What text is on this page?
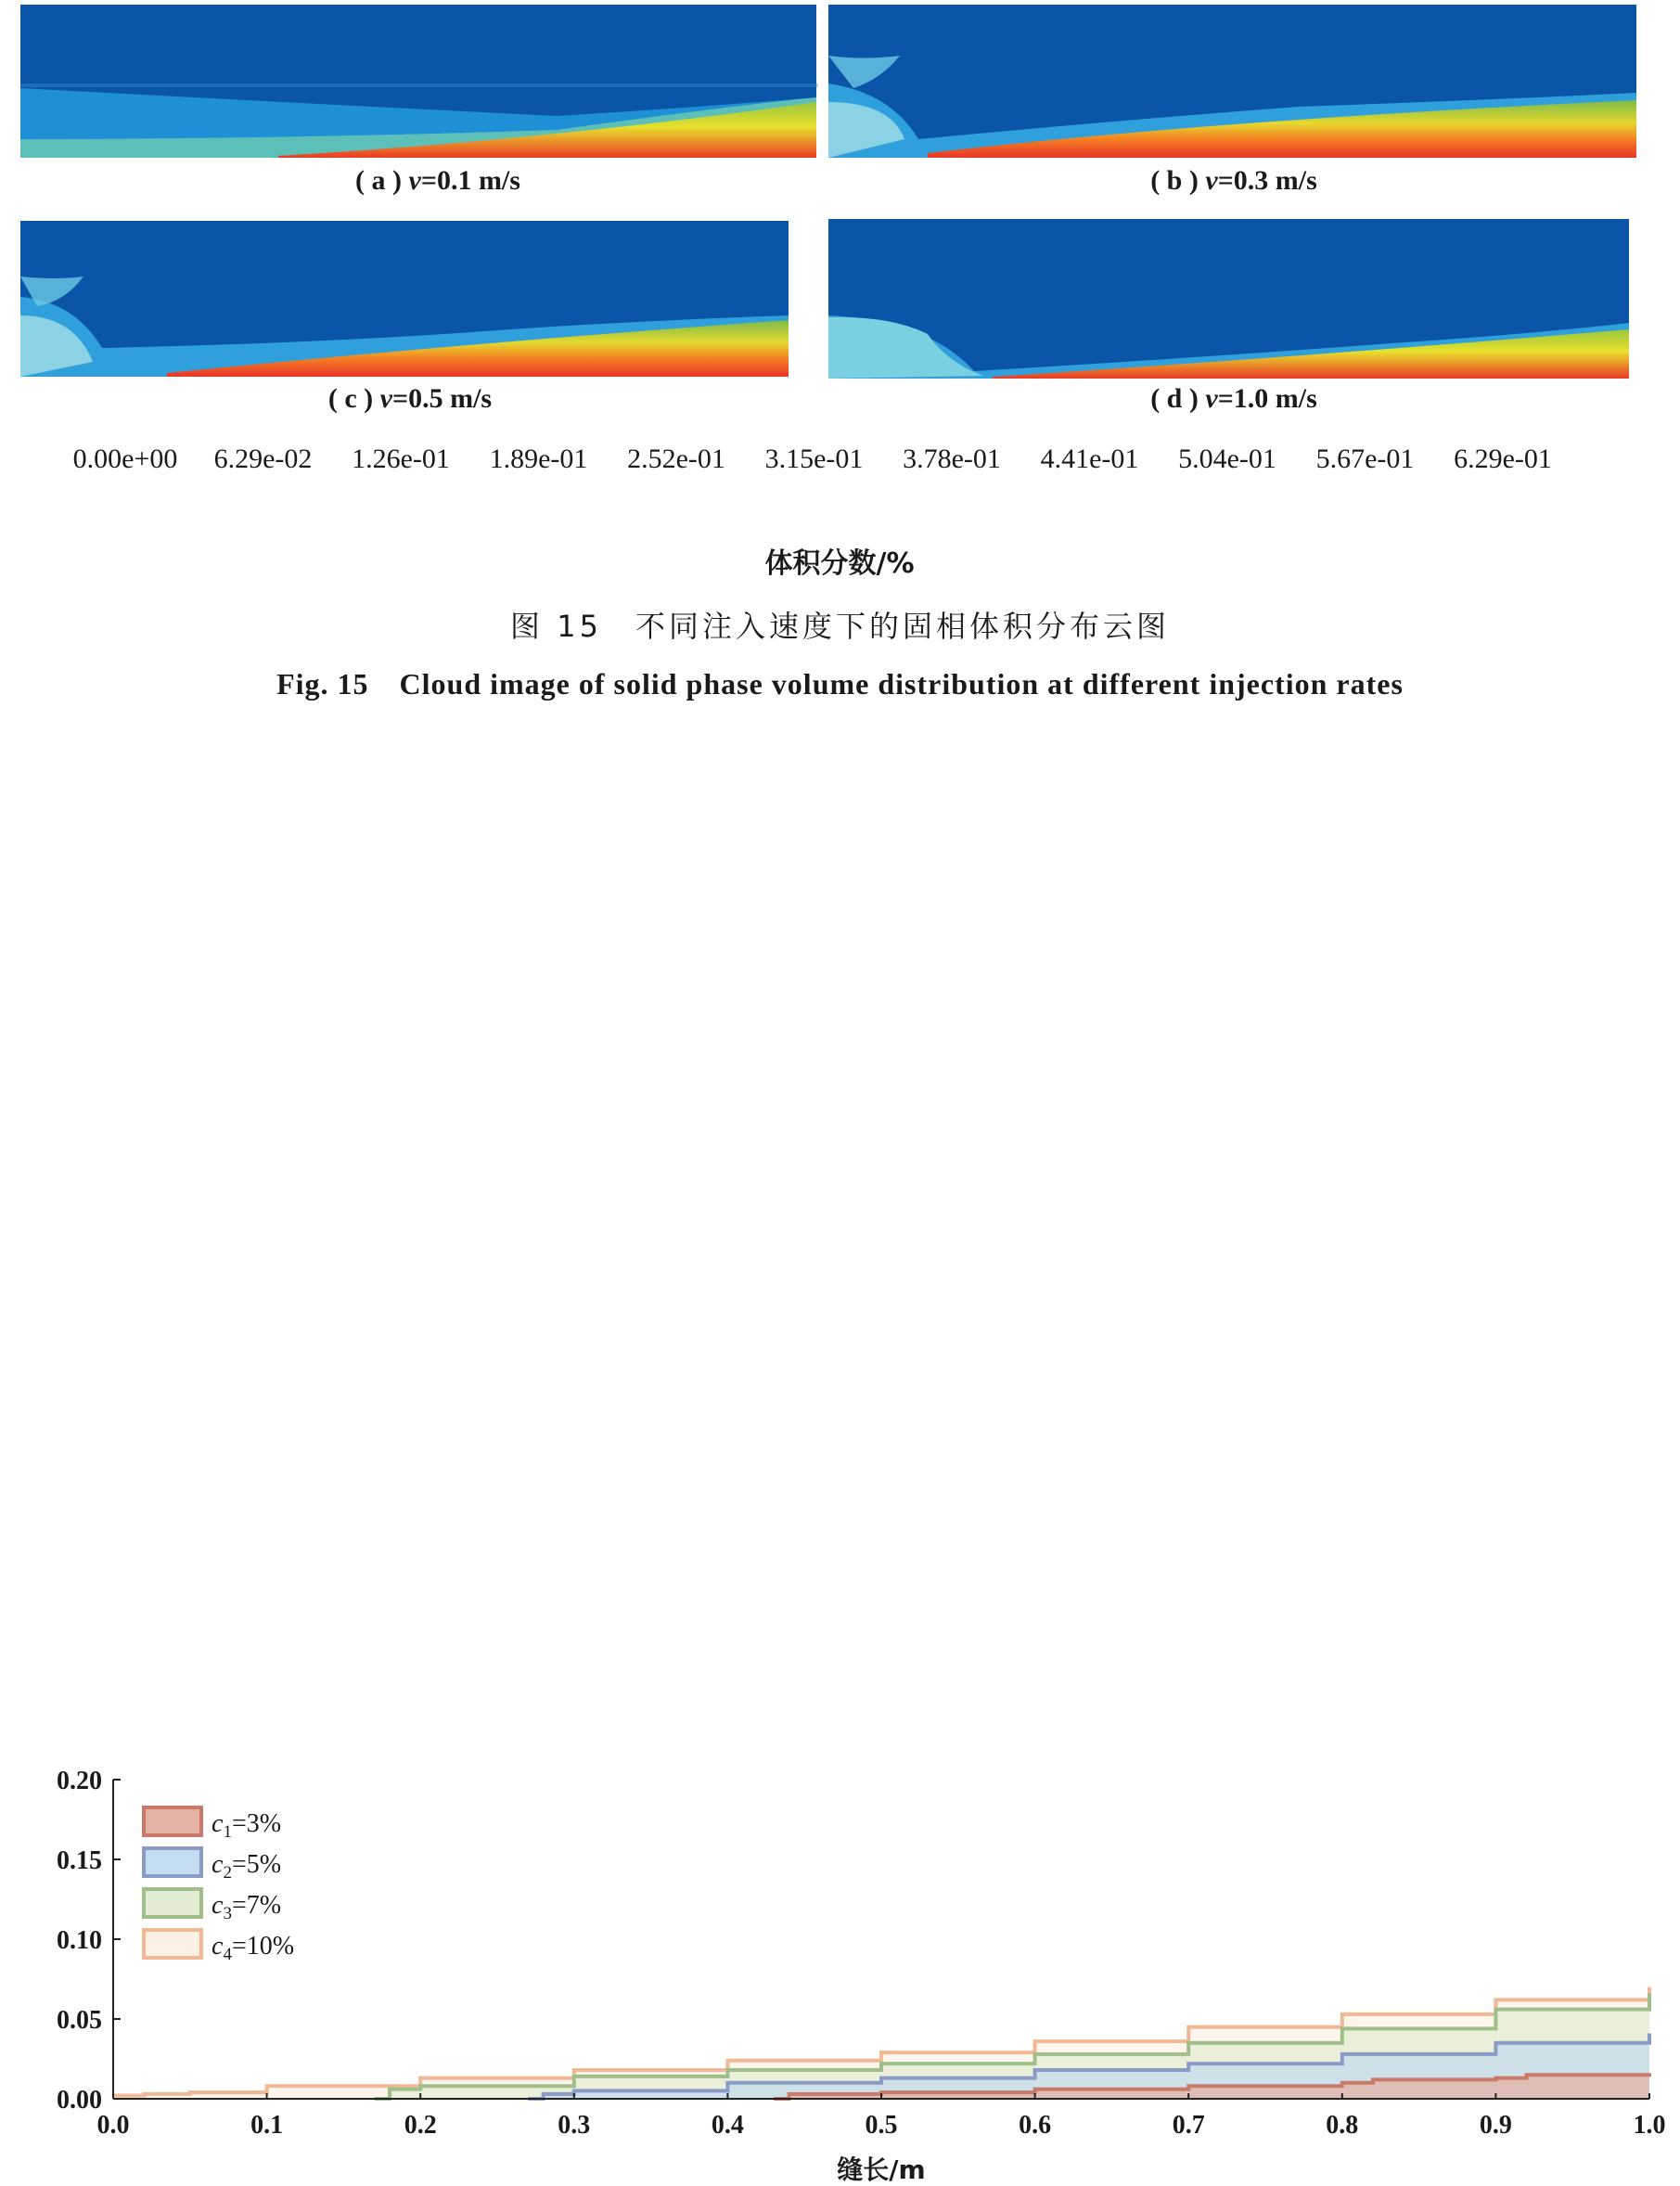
( a ) v=0.1 m/s	( b ) v=0.3 m/s
( c ) v=0.5 m/s	( d ) v=1.0 m/s
0.00e+00	6.29e-02	1.26e-01	1.89e-01	2.52e-01	3.15e-01	3.78e-01	4.41e-01	5.04e-01	5.67e-01	6.29e-01
体积分数/%
图 15　不同注入速度下的固相体积分布云图
Fig. 15　Cloud image of solid phase volume distribution at different injection rates
0.0	0.1	0.2	0.3	0.4	0.5	0.6	0.7	0.8	0.9	1.0
0.00
0.05
0.10
0.15
0.20
$c_1=3\%$
$c_2=5\%$
$c_3=7\%$
$c_4=10\%$
缝长/m
